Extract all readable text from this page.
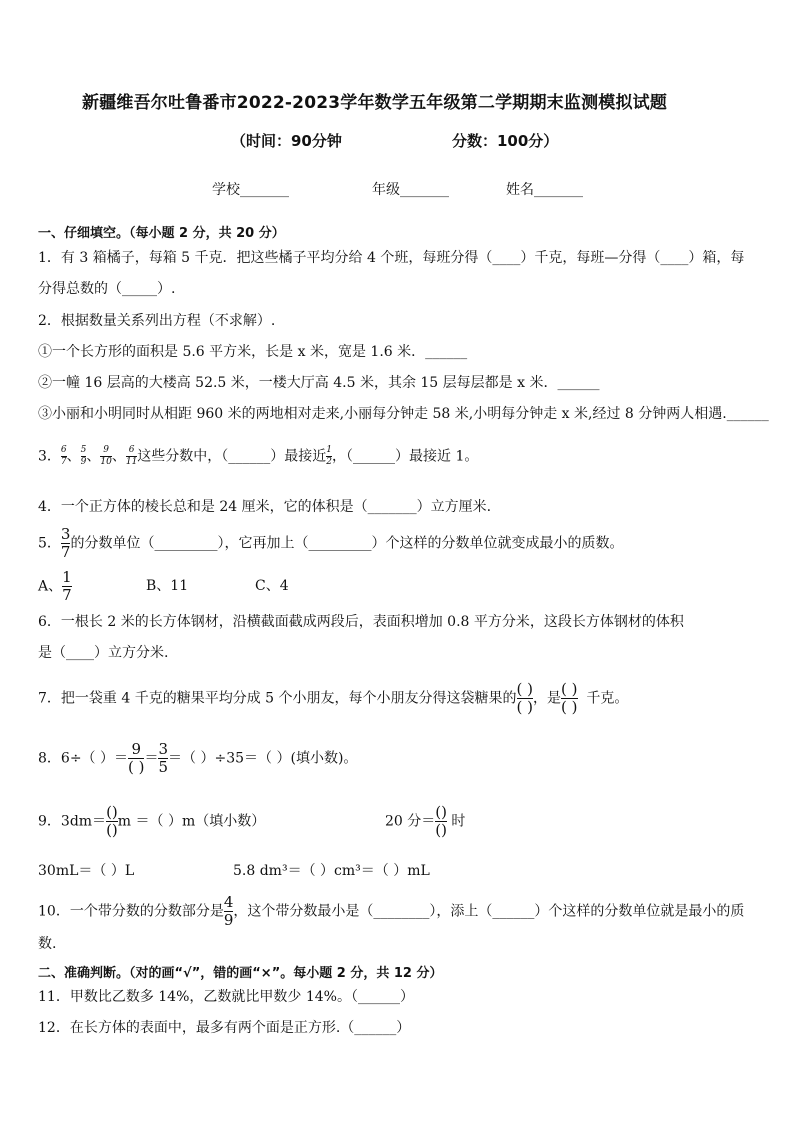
新疆维吾尔吐鲁番市2022-2023学年数学五年级第二学期期末监测模拟试题
（时间：90分钟	分数：100分）
学校_______	年级_______	姓名_______
一、仔细填空。（每小题 2 分，共 20 分）
1．有 3 箱橘子，每箱 5 千克．把这些橘子平均分给 4 个班，每班分得（____）千克，每班—分得（____）箱，每
分得总数的（_____）.
2．根据数量关系列出方程（不求解）.
①一个长方形的面积是 5.6 平方米，长是 x 米，宽是 1.6 米．______
②一幢 16 层高的大楼高 52.5 米，一楼大厅高 4.5 米，其余 15 层每层都是 x 米．______
③小丽和小明同时从相距 960 米的两地相对走来,小丽每分钟走 58 米,小明每分钟走 x 米,经过 8 分钟两人相遇.______
3． $\frac{6}{7}$ 、 $\frac{5}{9}$ 、 $\frac{9}{10}$ 、 $\frac{6}{11}$ 这些分数中，（______）最接近 $\frac{1}{2}$ ，（______）最接近 1。
4．一个正方体的棱长总和是 24 厘米，它的体积是（_______）立方厘米.
5． $\frac{3}{7}$ 的分数单位（_________），它再加上（_________）个这样的分数单位就变成最小的质数。
A、 $\frac{1}{7}$	B、11	C、4
6．一根长 2 米的长方体钢材，沿横截面截成两段后，表面积增加 0.8 平方分米，这段长方体钢材的体积
是（____）立方分米.
7．把一袋重 4 千克的糖果平均分成 5 个小朋友，每个小朋友分得这袋糖果的 $\frac{( )}{( )}$ ，是 $\frac{( )}{( )}$ 千克。
8．6÷（ ）＝ $\frac{9}{( )} = \frac{3}{5}$ ＝（ ）÷35＝（ ）(填小数)。
9．$3dm= \frac{()}{()}$ m ＝（ ）m（填小数）	20 分＝ $\frac{()}{()}$ 时
30mL＝（ ）L	5.8 dm³＝（ ）cm³＝（ ）mL
10．一个带分数的分数部分是 $\frac{4}{9}$ ，这个带分数最小是（________），添上（______）个这样的分数单位就是最小的质
数.
二、准确判断。（对的画“√”，错的画“×”。每小题 2 分，共 12 分）
11．甲数比乙数多 14%，乙数就比甲数少 14%。（______）
12．在长方体的表面中，最多有两个面是正方形.（______）
